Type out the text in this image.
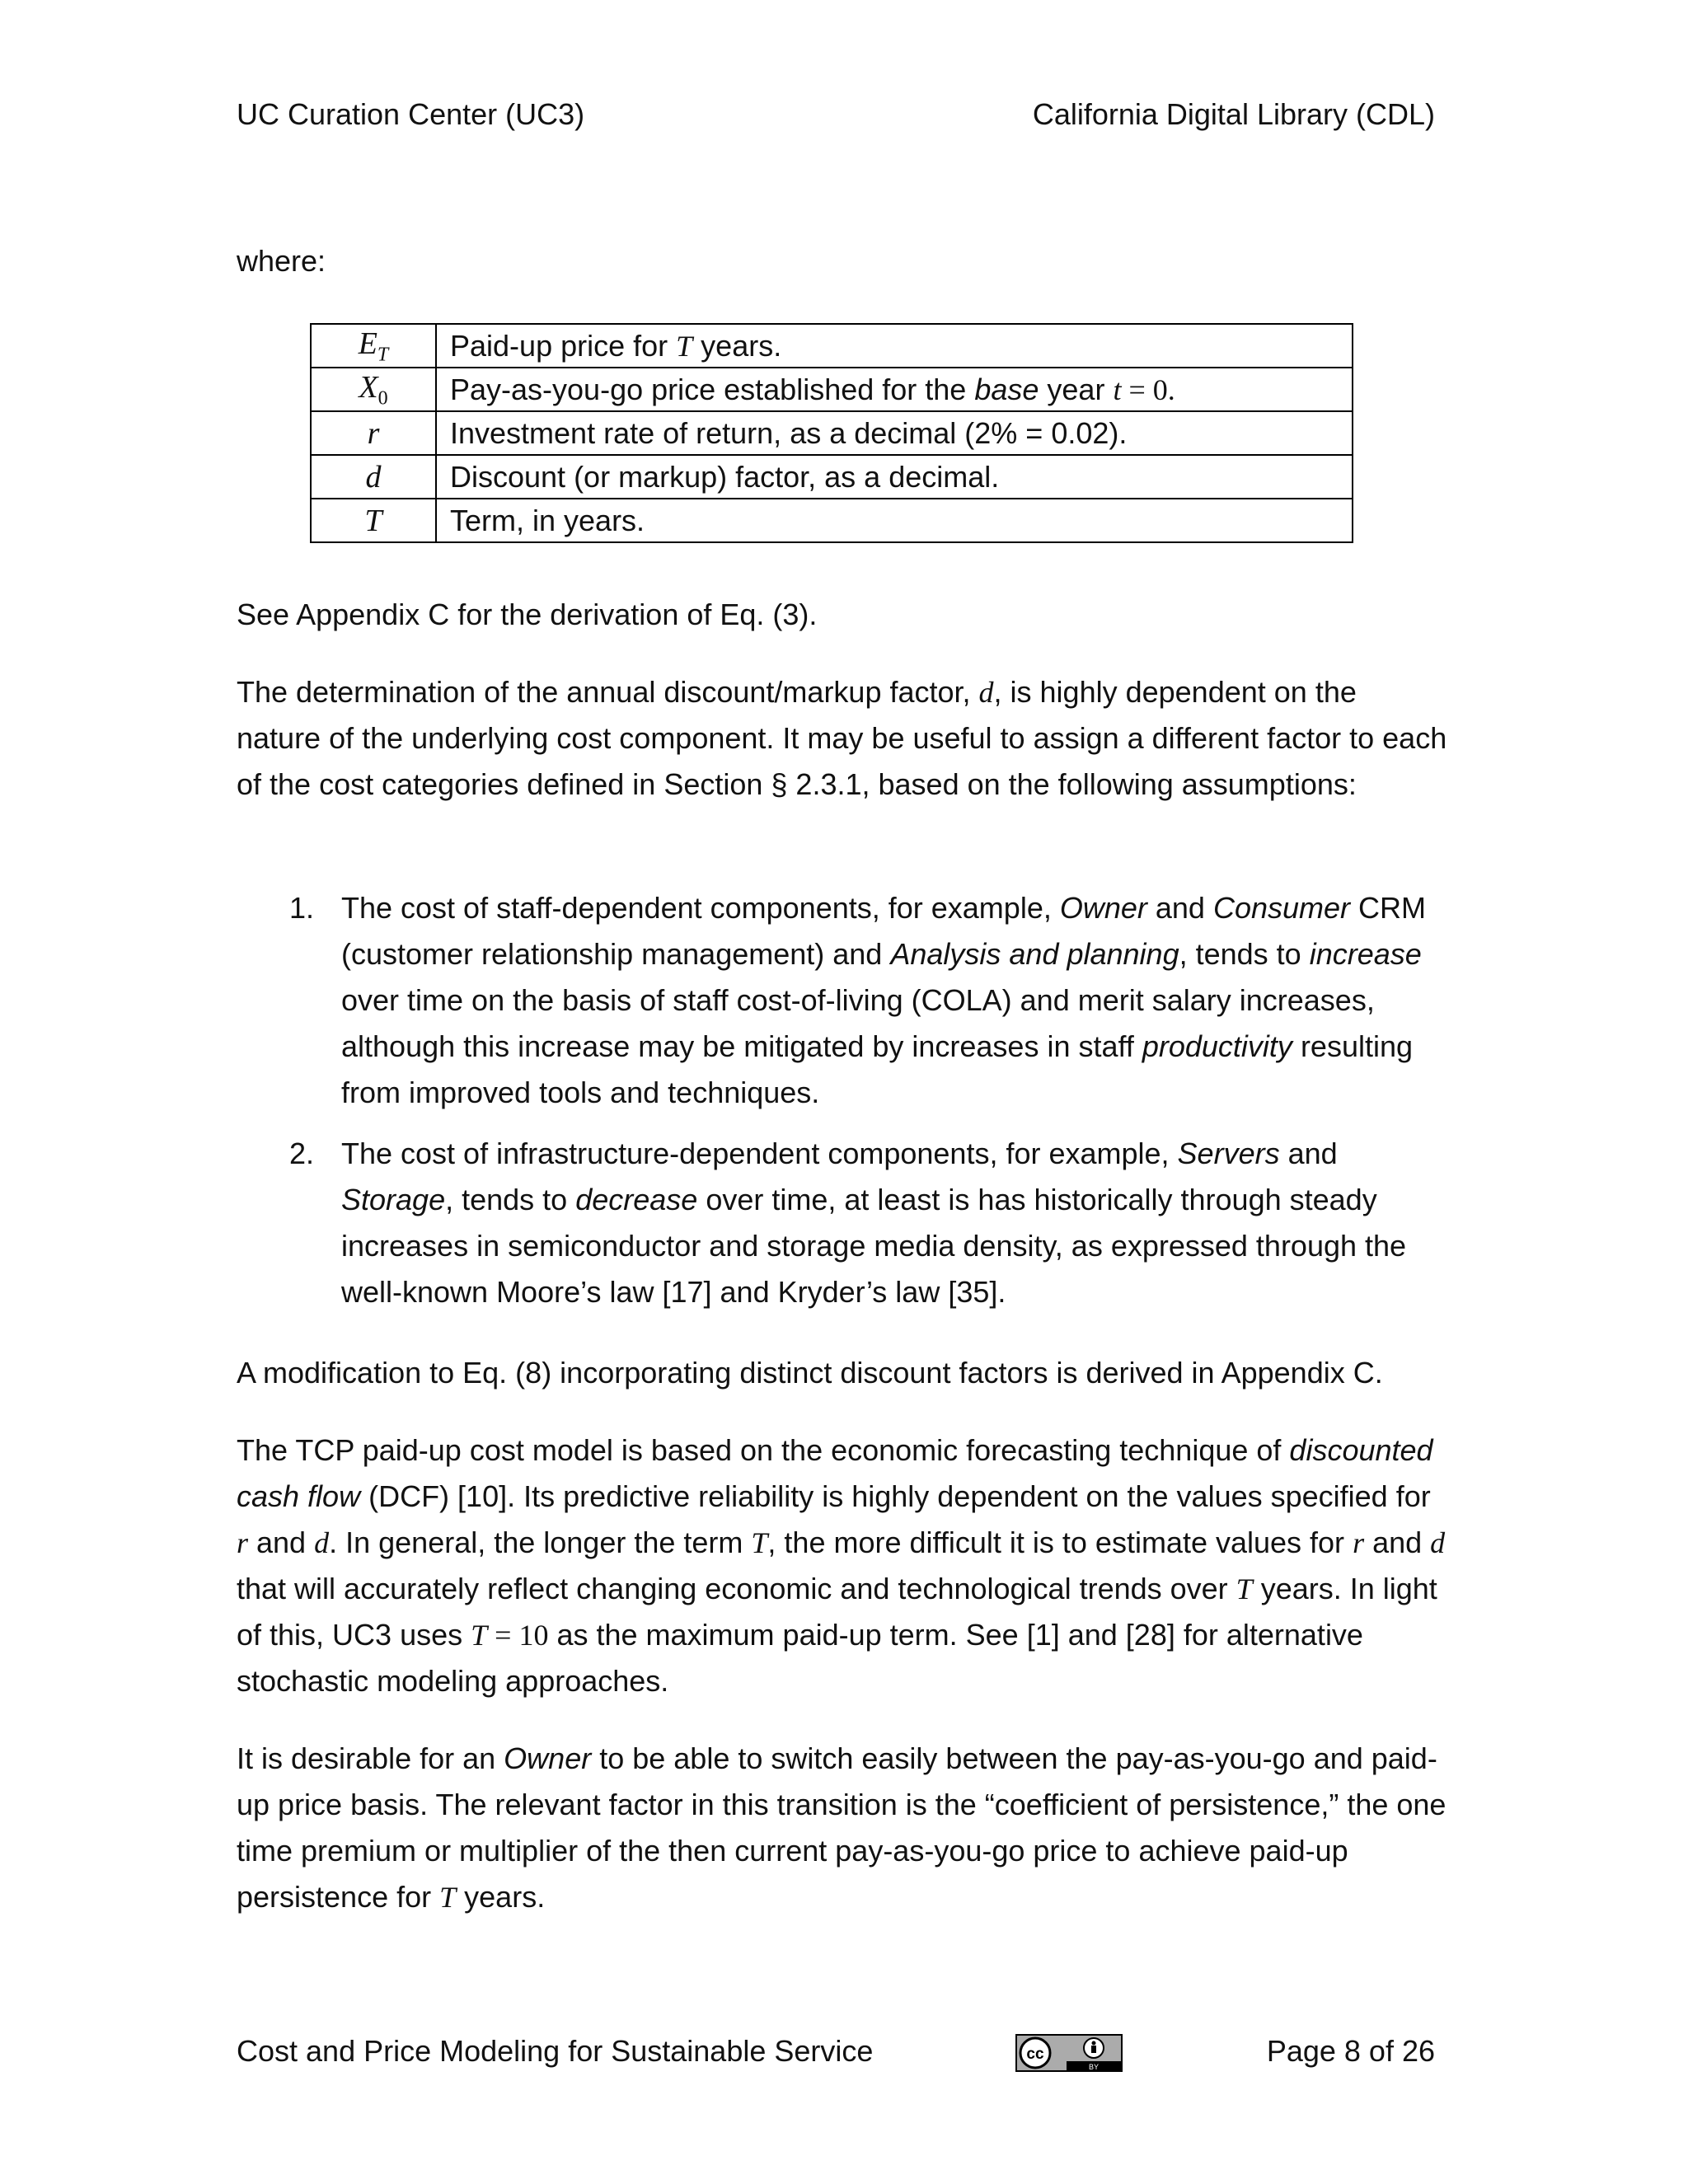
UC Curation Center (UC3)	California Digital Library (CDL)
where:
$E_T$	Paid-up price for T years.
$X_0$	Pay-as-you-go price established for the base year t = 0.
r	Investment rate of return, as a decimal (2% = 0.02).
d	Discount (or markup) factor, as a decimal.
T	Term, in years.

See Appendix C for the derivation of Eq. (3).

The determination of the annual discount/markup factor, d, is highly dependent on the nature of the underlying cost component. It may be useful to assign a different factor to each of the cost categories defined in Section § 2.3.1, based on the following assumptions:

1. The cost of staff-dependent components, for example, Owner and Consumer CRM (customer relationship management) and Analysis and planning, tends to increase over time on the basis of staff cost-of-living (COLA) and merit salary increases, although this increase may be mitigated by increases in staff productivity resulting from improved tools and techniques.
2. The cost of infrastructure-dependent components, for example, Servers and Storage, tends to decrease over time, at least is has historically through steady increases in semiconductor and storage media density, as expressed through the well-known Moore’s law [17] and Kryder’s law [35].

A modification to Eq. (8) incorporating distinct discount factors is derived in Appendix C.

The TCP paid-up cost model is based on the economic forecasting technique of discounted cash flow (DCF) [10]. Its predictive reliability is highly dependent on the values specified for r and d. In general, the longer the term T, the more difficult it is to estimate values for r and d that will accurately reflect changing economic and technological trends over T years. In light of this, UC3 uses T = 10 as the maximum paid-up term. See [1] and [28] for alternative stochastic modeling approaches.

It is desirable for an Owner to be able to switch easily between the pay-as-you-go and paid-up price basis. The relevant factor in this transition is the “coefficient of persistence,” the one time premium or multiplier of the then current pay-as-you-go price to achieve paid-up persistence for T years.

Cost and Price Modeling for Sustainable Service	cc
BY	Page 8 of 26
